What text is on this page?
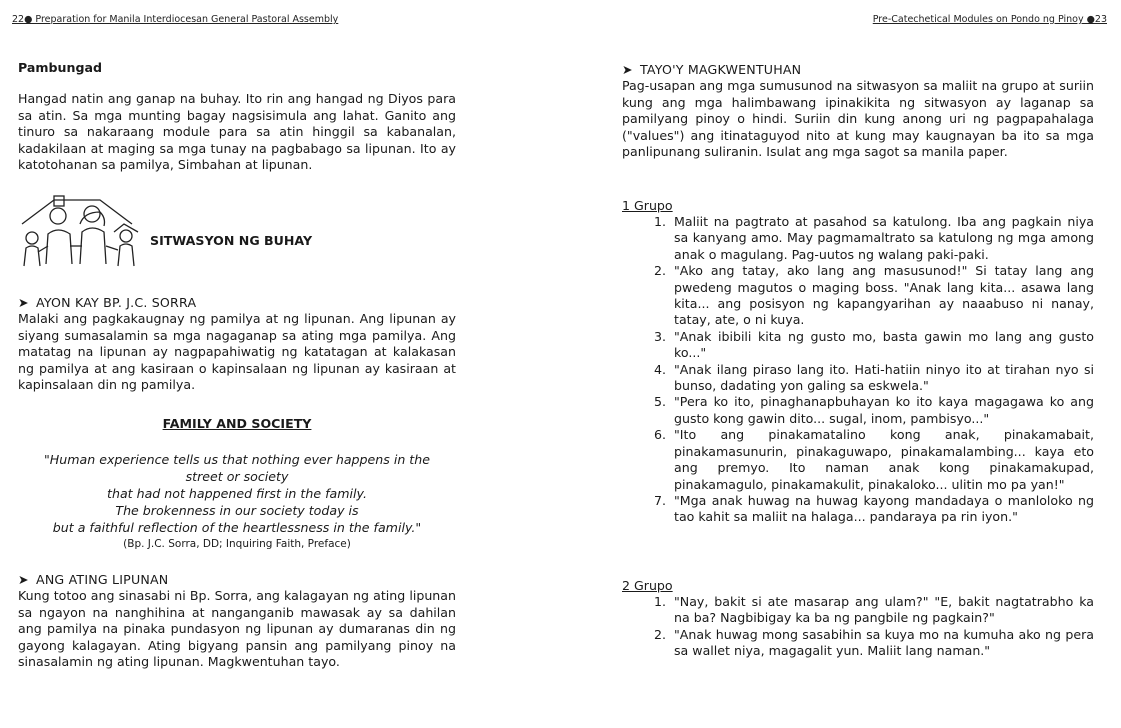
22● Preparation for Manila Interdiocesan General Pastoral Assembly
Pambungad

Hangad natin ang ganap na buhay. Ito rin ang hangad ng Diyos para sa atin. Sa mga munting bagay nagsisimula ang lahat. Ganito ang tinuro sa nakaraang module para sa atin hinggil sa kabanalan, kadakilaan at maging sa mga tunay na pagbabago sa lipunan. Ito ay katotohanan sa pamilya, Simbahan at lipunan.

SITWASYON NG BUHAY
➤ AYON KAY BP. J.C. SORRA

Malaki ang pagkakaugnay ng pamilya at ng lipunan. Ang lipunan ay siyang sumasalamin sa mga nagaganap sa ating mga pamilya. Ang matatag na lipunan ay nagpapahiwatig ng katatagan at kalakasan ng pamilya at ang kasiraan o kapinsalaan ng lipunan ay kasiraan at kapinsalaan din ng pamilya.

FAMILY AND SOCIETY
"Human experience tells us that nothing ever happens in the
street or society
that had not happened first in the family.
The brokenness in our society today is
but a faithful reflection of the heartlessness in the family."
(Bp. J.C. Sorra, DD; Inquiring Faith, Preface)
➤ ANG ATING LIPUNAN

Kung totoo ang sinasabi ni Bp. Sorra, ang kalagayan ng ating lipunan sa ngayon na nanghihina at nanganganib mawasak ay sa dahilan ang pamilya na pinaka pundasyon ng lipunan ay dumaranas din ng gayong kalagayan. Ating bigyang pansin ang pamilyang pinoy na sinasalamin ng ating lipunan. Magkwentuhan tayo.

Pre-Catechetical Modules on Pondo ng Pinoy ●23
➤ TAYO'Y MAGKWENTUHAN

Pag-usapan ang mga sumusunod na sitwasyon sa maliit na grupo at suriin kung ang mga halimbawang ipinakikita ng sitwasyon ay laganap sa pamilyang pinoy o hindi. Suriin din kung anong uri ng pagpapahalaga ("values") ang itinataguyod nito at kung may kaugnayan ba ito sa mga panlipunang suliranin. Isulat ang mga sagot sa manila paper.

1 Grupo
1. Maliit na pagtrato at pasahod sa katulong. Iba ang pagkain niya sa kanyang amo. May pagmamaltrato sa katulong ng mga among anak o magulang. Pag-uutos ng walang paki-paki.
2. "Ako ang tatay, ako lang ang masusunod!" Si tatay lang ang pwedeng magutos o maging boss. "Anak lang kita... asawa lang kita... ang posisyon ng kapangyarihan ay naaabuso ni nanay, tatay, ate, o ni kuya.
3. "Anak ibibili kita ng gusto mo, basta gawin mo lang ang gusto ko..."
4. "Anak ilang piraso lang ito. Hati-hatiin ninyo ito at tirahan nyo si bunso, dadating yon galing sa eskwela."
5. "Pera ko ito, pinaghanapbuhayan ko ito kaya magagawa ko ang gusto kong gawin dito... sugal, inom, pambisyo..."
6. "Ito ang pinakamatalino kong anak, pinakamabait, pinakamasunurin, pinakaguwapo, pinakamalambing... kaya eto ang premyo. Ito naman anak kong pinakamakupad, pinakamagulo, pinakamakulit, pinakaloko... ulitin mo pa yan!"
7. "Mga anak huwag na huwag kayong mandadaya o manloloko ng tao kahit sa maliit na halaga... pandaraya pa rin iyon."
2 Grupo
1. "Nay, bakit si ate masarap ang ulam?" "E, bakit nagtatrabho ka na ba? Nagbibigay ka ba ng pangbile ng pagkain?"
2. "Anak huwag mong sasabihin sa kuya mo na kumuha ako ng pera sa wallet niya, magagalit yun. Maliit lang naman."
